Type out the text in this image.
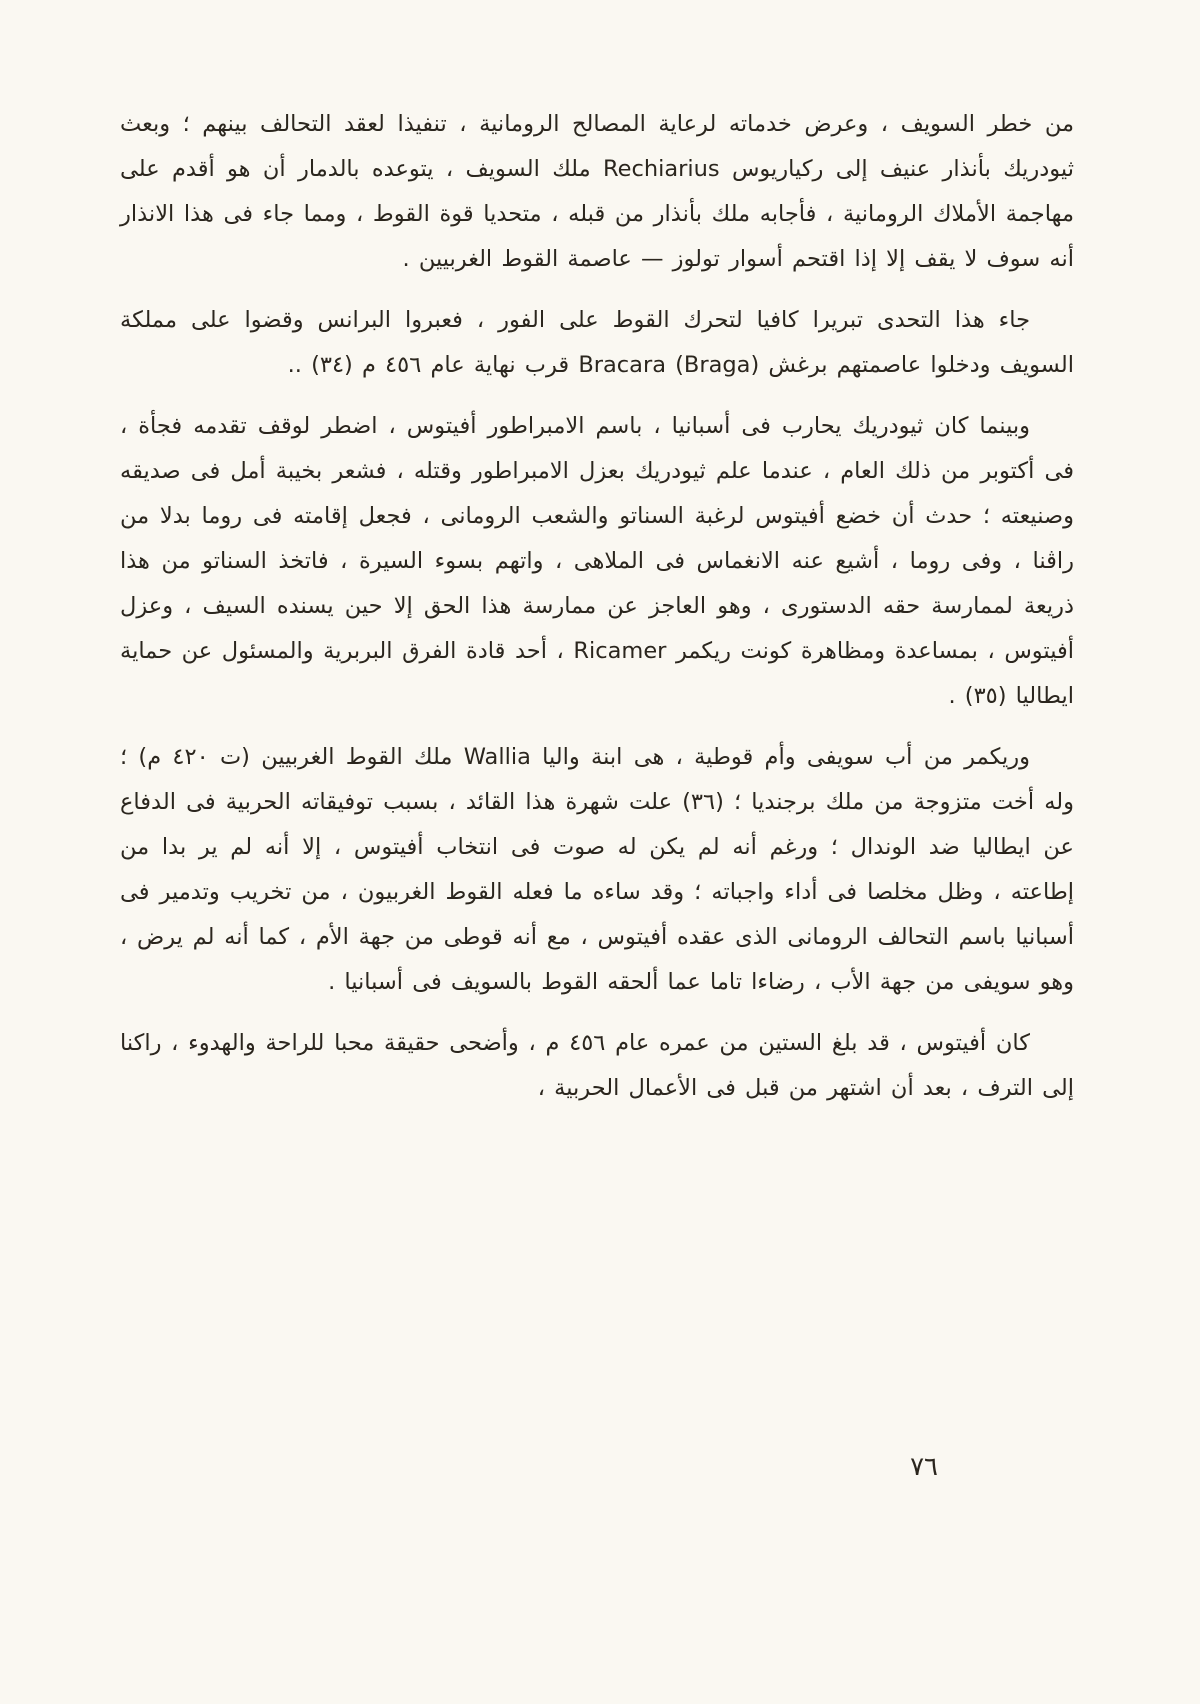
من خطر السويف ، وعرض خدماته لرعاية المصالح الرومانية ، تنفيذا لعقد التحالف بينهم ؛ وبعث ثيودريك بأنذار عنيف إلى ركياريوس Rechiarius ملك السويف ، يتوعده بالدمار أن هو أقدم على مهاجمة الأملاك الرومانية ، فأجابه ملك بأنذار من قبله ، متحديا قوة القوط ، ومما جاء فى هذا الانذار أنه سوف لا يقف إلا إذا اقتحم أسوار تولوز — عاصمة القوط الغربيين .

جاء هذا التحدى تبريرا كافيا لتحرك القوط على الفور ، فعبروا البرانس وقضوا على مملكة السويف ودخلوا عاصمتهم برغش (Braga) Bracara قرب نهاية عام ٤٥٦ م (٣٤) ..

وبينما كان ثيودريك يحارب فى أسبانيا ، باسم الامبراطور أفيتوس ، اضطر لوقف تقدمه فجأة ، فى أكتوبر من ذلك العام ، عندما علم ثيودريك بعزل الامبراطور وقتله ، فشعر بخيبة أمل فى صديقه وصنيعته ؛ حدث أن خضع أفيتوس لرغبة السناتو والشعب الرومانى ، فجعل إقامته فى روما بدلا من راڤنا ، وفى روما ، أشيع عنه الانغماس فى الملاهى ، واتهم بسوء السيرة ، فاتخذ السناتو من هذا ذريعة لممارسة حقه الدستورى ، وهو العاجز عن ممارسة هذا الحق إلا حين يسنده السيف ، وعزل أفيتوس ، بمساعدة ومظاهرة كونت ريكمر Ricamer ، أحد قادة الفرق البربرية والمسئول عن حماية ايطاليا (٣٥) .

وريكمر من أب سويفى وأم قوطية ، هى ابنة واليا Wallia ملك القوط الغربيين (ت ٤٢٠ م) ؛ وله أخت متزوجة من ملك برجنديا ؛ (٣٦) علت شهرة هذا القائد ، بسبب توفيقاته الحربية فى الدفاع عن ايطاليا ضد الوندال ؛ ورغم أنه لم يكن له صوت فى انتخاب أفيتوس ، إلا أنه لم ير بدا من إطاعته ، وظل مخلصا فى أداء واجباته ؛ وقد ساءه ما فعله القوط الغربيون ، من تخريب وتدمير فى أسبانيا باسم التحالف الرومانى الذى عقده أفيتوس ، مع أنه قوطى من جهة الأم ، كما أنه لم يرض ، وهو سويفى من جهة الأب ، رضاءا تاما عما ألحقه القوط بالسويف فى أسبانيا .

كان أفيتوس ، قد بلغ الستين من عمره عام ٤٥٦ م ، وأضحى حقيقة محبا للراحة والهدوء ، راكنا إلى الترف ، بعد أن اشتهر من قبل فى الأعمال الحربية ،

٧٦
